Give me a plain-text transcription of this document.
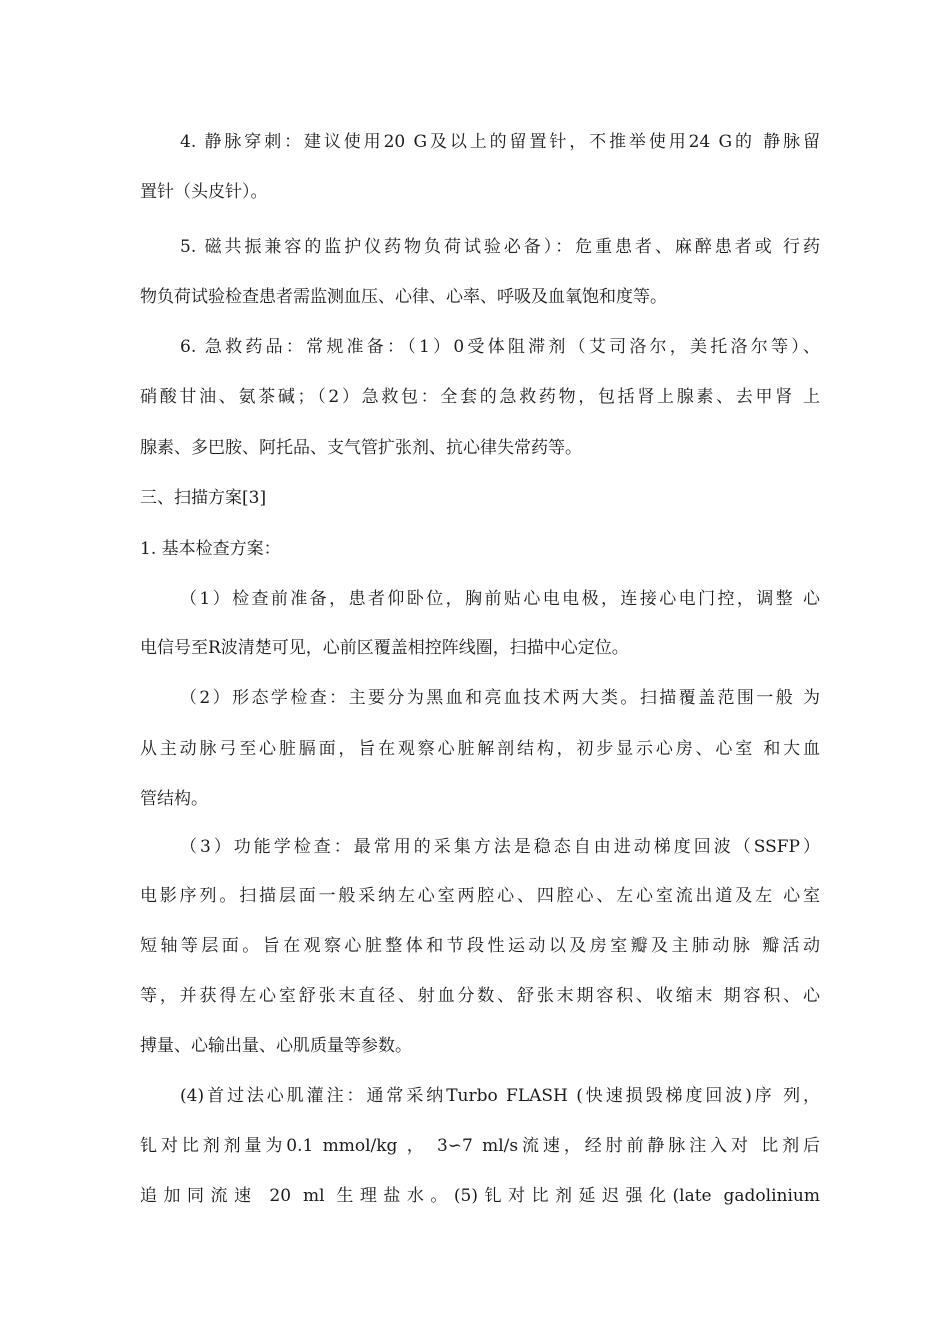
4. 静脉穿刺：建议使用20 G及以上的留置针，不推举使用24 G的 静脉留
置针（头皮针）。
5. 磁共振兼容的监护仪药物负荷试验必备）：危重患者、麻醉患者或 行药
物负荷试验检查患者需监测血压、心律、心率、呼吸及血氧饱和度等。
6. 急救药品：常规准备：（1）0受体阻滞剂（艾司洛尔，美托洛尔等）、
硝酸甘油、氨茶碱；（2）急救包：全套的急救药物，包括肾上腺素、去甲肾 上
腺素、多巴胺、阿托品、支气管扩张剂、抗心律失常药等。
三、扫描方案[3]
1. 基本检查方案：
（1）检查前准备，患者仰卧位，胸前贴心电电极，连接心电门控，调整 心
电信号至R波清楚可见，心前区覆盖相控阵线圈，扫描中心定位。
（2）形态学检查：主要分为黑血和亮血技术两大类。扫描覆盖范围一般 为
从主动脉弓至心脏膈面，旨在观察心脏解剖结构，初步显示心房、心室 和大血
管结构。
（3）功能学检查：最常用的采集方法是稳态自由进动梯度回波（SSFP）
电影序列。扫描层面一般采纳左心室两腔心、四腔心、左心室流出道及左 心室
短轴等层面。旨在观察心脏整体和节段性运动以及房室瓣及主肺动脉 瓣活动
等，并获得左心室舒张末直径、射血分数、舒张末期容积、收缩末 期容积、心
搏量、心输出量、心肌质量等参数。
(4)首过法心肌灌注：通常采纳Turbo FLASH (快速损毁梯度回波)序 列，
钆对比剂剂量为0.1 mmol/kg ， 3∽7 ml/s流速，经肘前静脉注入对 比剂后
追加同流速 20 ml 生理盐水。(5)钆对比剂延迟强化(late gadolinium
